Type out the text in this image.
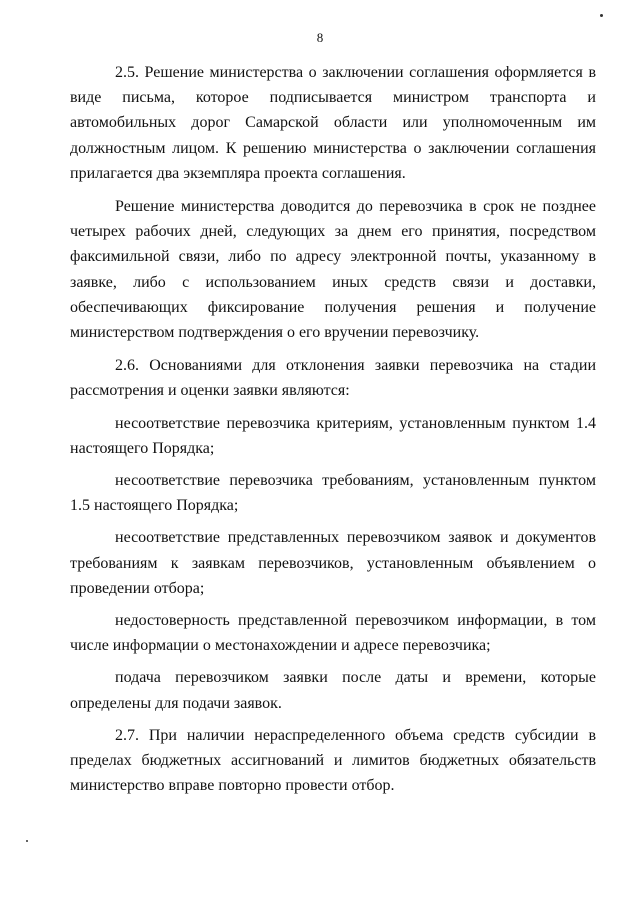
8

2.5. Решение министерства о заключении соглашения оформляется в виде письма, которое подписывается министром транспорта и автомобильных дорог Самарской области или уполномоченным им должностным лицом. К решению министерства о заключении соглашения прилагается два экземпляра проекта соглашения.

Решение министерства доводится до перевозчика в срок не позднее четырех рабочих дней, следующих за днем его принятия, посредством факсимильной связи, либо по адресу электронной почты, указанному в заявке, либо с использованием иных средств связи и доставки, обеспечивающих фиксирование получения решения и получение министерством подтверждения о его вручении перевозчику.

2.6. Основаниями для отклонения заявки перевозчика на стадии рассмотрения и оценки заявки являются:

несоответствие перевозчика критериям, установленным пунктом 1.4 настоящего Порядка;

несоответствие перевозчика требованиям, установленным пунктом 1.5 настоящего Порядка;

несоответствие представленных перевозчиком заявок и документов требованиям к заявкам перевозчиков, установленным объявлением о проведении отбора;

недостоверность представленной перевозчиком информации, в том числе информации о местонахождении и адресе перевозчика;

подача перевозчиком заявки после даты и времени, которые определены для подачи заявок.

2.7. При наличии нераспределенного объема средств субсидии в пределах бюджетных ассигнований и лимитов бюджетных обязательств министерство вправе повторно провести отбор.
